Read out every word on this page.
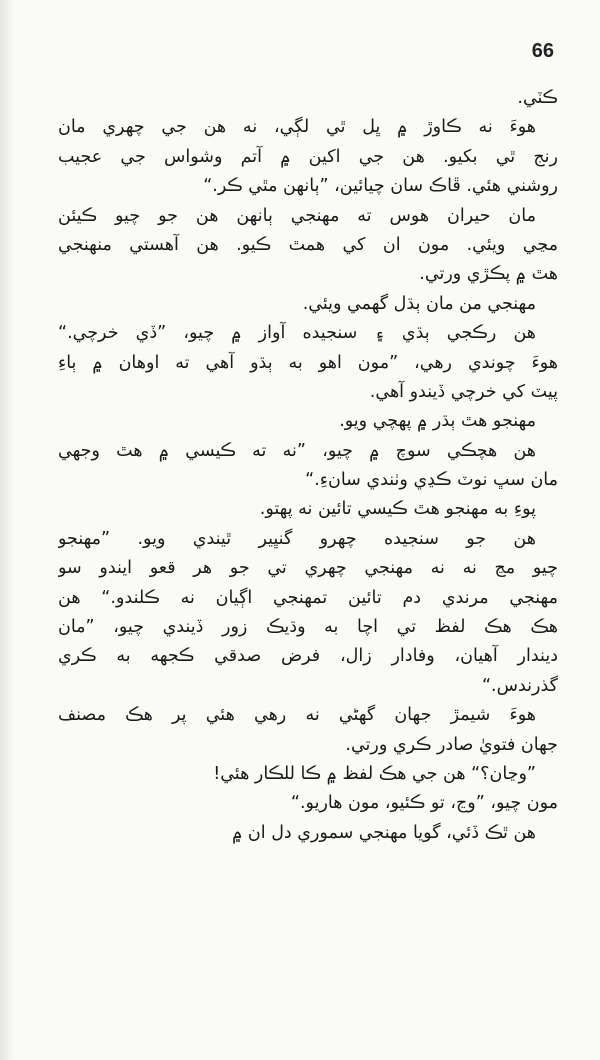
66
ڪٽي.
هوءَ نه ڪاوڙ ۾ ڀل ٿي لڳي، نه هن جي چهري مان
رنج ٿي بکيو. هن جي اکين ۾ آتم وشواس جي عجيب
روشني هئي. ڦاڪ سان چيائين، ”ٻانهن مٿي ڪر.“
مان حيران هوس ته مهنجي ٻانهن هن جو چيو ڪيئن
مڃي ويئي. مون ان کي همٿ ڪيو. هن آهستي منهنجي
هٿ ۾ پڪڙي ورتي.
مهنجي من مان ٻڌل گهمي ويئي.
هن رڪجي ٻڌي ۽ سنجيده آواز ۾ چيو، ”ڏي خرچي.“
هوءَ چوندي رهي، ”مون اهو به ٻڌو آهي ته اوهان ۾ ٻاءِ
پيٽ کي خرچي ڏيندو آهي.
مهنجو هٿ ٻڌر ۾ پهچي ويو.
هن هچڪي سوچ ۾ چيو، ”نه ته ڪيسي ۾ هٿ وجهي
مان سڀ نوٽ ڪڍي وٺندي سانءِ.“
پوءِ به مهنجو هٿ ڪيسي تائين نه پهتو.
هن جو سنجيده چهرو گنڀير ٿيندي ويو. ”مهنجو
چيو مڃ نه نه مهنجي چهري تي جو هر قعو ايندو سو
مهنجي مرندي دم تائين تمهنجي اڳيان نه ڪلندو.“ هن
هڪ هڪ لفظ تي اچا به وڌيڪ زور ڏيندي چيو، ”مان
ديندار آهيان، وفادار زال، فرض صدقي ڪجهه به ڪري
گذرندس.“
هوءَ شيمڙ جهان گهڻي نه رهي هئي پر هڪ مصنف
جهان فتويٰ صادر ڪري ورتي.
”وڃان؟“ هن جي هڪ لفظ ۾ ڪا للڪار هئي!
مون چيو، ”وڃ، تو ڪئيو، مون هاريو.“
هن ٿڪ ڏئي، گويا مهنجي سموري دل ان ۾
